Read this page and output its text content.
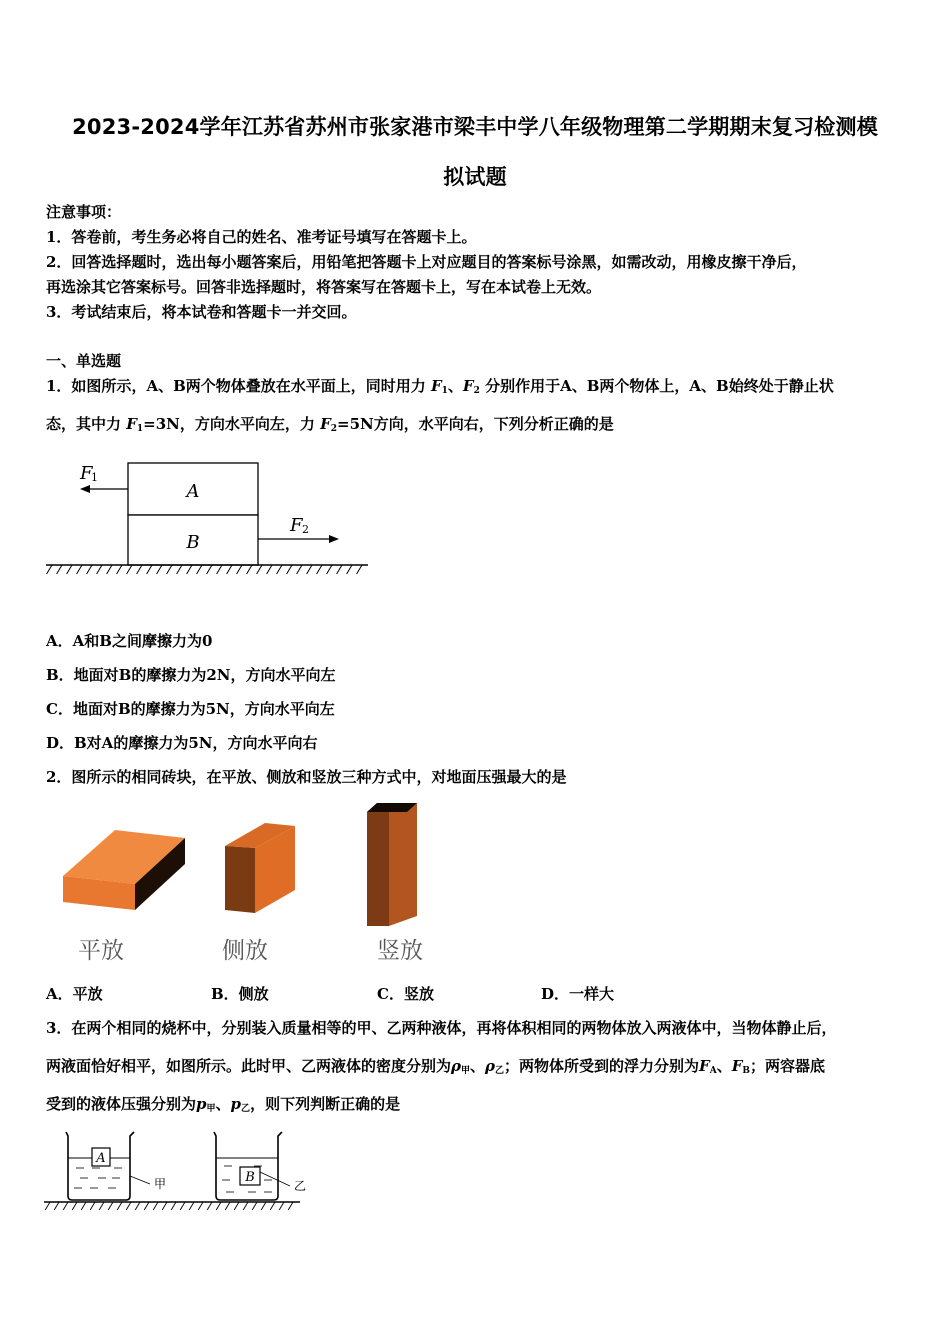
2023-2024学年江苏省苏州市张家港市梁丰中学八年级物理第二学期期末复习检测模
拟试题
注意事项：
1．答卷前，考生务必将自己的姓名、准考证号填写在答题卡上。
2．回答选择题时，选出每小题答案后，用铅笔把答题卡上对应题目的答案标号涂黑，如需改动，用橡皮擦干净后，
再选涂其它答案标号。回答非选择题时，将答案写在答题卡上，写在本试卷上无效。
3．考试结束后，将本试卷和答题卡一并交回。
一、单选题
1．如图所示，A、B两个物体叠放在水平面上，同时用力 $F_1$、$F_2$ 分别作用于A、B两个物体上，A、B始终处于静止状
态，其中力 $F_1=3N$，方向水平向左，力 $F_2=5N$方向，水平向右，下列分析正确的是
A
B
F
1
F 2
A．A和B之间摩擦力为0
B．地面对B的摩擦力为2N，方向水平向左
C．地面对B的摩擦力为5N，方向水平向左
D．B对A的摩擦力为5N，方向水平向右
2．图所示的相同砖块，在平放、侧放和竖放三种方式中，对地面压强最大的是
平放	侧放	竖放
A．平放	B．侧放	C．竖放	D．一样大
3．在两个相同的烧杯中，分别装入质量相等的甲、乙两种液体，再将体积相同的两物体放入两液体中，当物体静止后，
两液面恰好相平，如图所示。此时甲、乙两液体的密度分别为$\rho_甲$、$\rho_乙$；两物体所受到的浮力分别为$F_A$、$F_B$；两容器底
受到的液体压强分别为$p_甲$、$p_乙$，则下列判断正确的是
A
甲	B
乙
